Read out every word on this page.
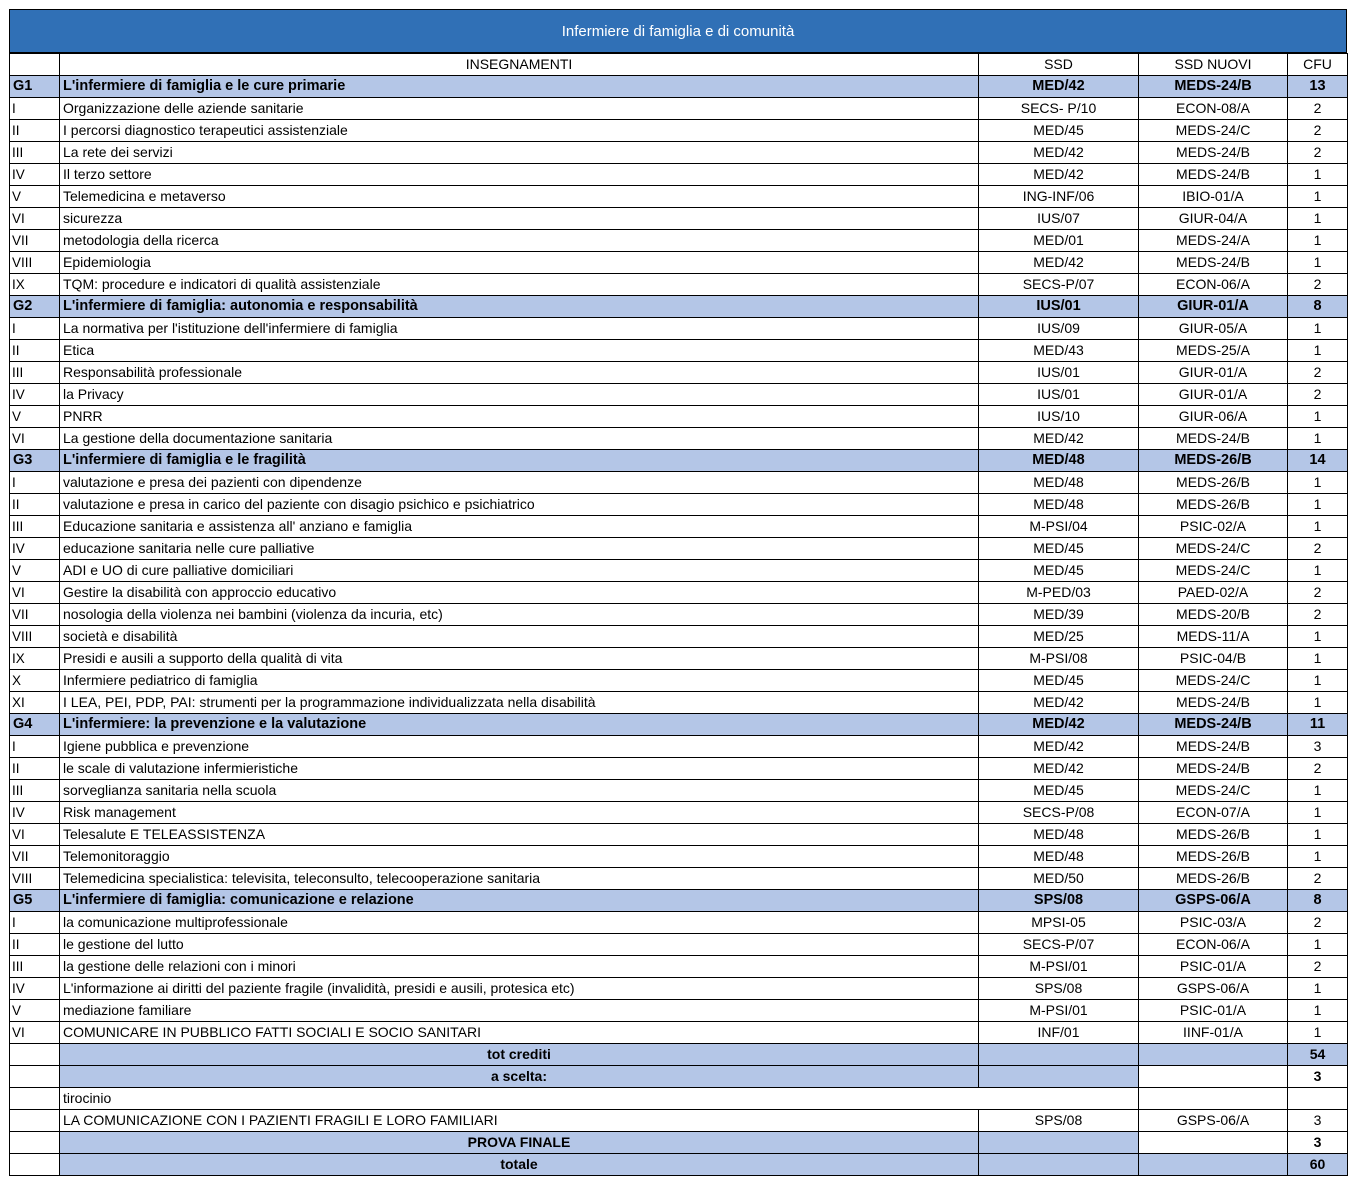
Infermiere di famiglia e di comunità
	INSEGNAMENTI	SSD	SSD NUOVI	CFU
G1	L'infermiere di famiglia e le cure primarie	MED/42	MEDS-24/B	13
I	Organizzazione delle aziende sanitarie	SECS- P/10	ECON-08/A	2
II	I percorsi diagnostico terapeutici assistenziale	MED/45	MEDS-24/C	2
III	La rete dei servizi	MED/42	MEDS-24/B	2
IV	Il terzo settore	MED/42	MEDS-24/B	1
V	Telemedicina e metaverso	ING-INF/06	IBIO-01/A	1
VI	sicurezza	IUS/07	GIUR-04/A	1
VII	metodologia della ricerca	MED/01	MEDS-24/A	1
VIII	Epidemiologia	MED/42	MEDS-24/B	1
IX	TQM: procedure e indicatori di qualità assistenziale	SECS-P/07	ECON-06/A	2
G2	L'infermiere di famiglia: autonomia e responsabilità	IUS/01	GIUR-01/A	8
I	La normativa per l'istituzione dell'infermiere di famiglia	IUS/09	GIUR-05/A	1
II	Etica	MED/43	MEDS-25/A	1
III	Responsabilità professionale	IUS/01	GIUR-01/A	2
IV	la Privacy	IUS/01	GIUR-01/A	2
V	PNRR	IUS/10	GIUR-06/A	1
VI	La gestione della documentazione sanitaria	MED/42	MEDS-24/B	1
G3	L'infermiere di famiglia e le fragilità	MED/48	MEDS-26/B	14
I	valutazione e presa dei pazienti con dipendenze	MED/48	MEDS-26/B	1
II	valutazione e presa in carico del paziente con disagio psichico e psichiatrico	MED/48	MEDS-26/B	1
III	Educazione sanitaria e assistenza all' anziano e famiglia	M-PSI/04	PSIC-02/A	1
IV	educazione sanitaria nelle cure palliative	MED/45	MEDS-24/C	2
V	ADI e UO di cure palliative domiciliari	MED/45	MEDS-24/C	1
VI	Gestire la disabilità con approccio educativo	M-PED/03	PAED-02/A	2
VII	nosologia della violenza nei bambini (violenza da incuria, etc)	MED/39	MEDS-20/B	2
VIII	società e disabilità	MED/25	MEDS-11/A	1
IX	Presidi e ausili a supporto della qualità di vita	M-PSI/08	PSIC-04/B	1
X	Infermiere pediatrico di famiglia	MED/45	MEDS-24/C	1
XI	I LEA, PEI, PDP, PAI: strumenti per la programmazione individualizzata nella disabilità	MED/42	MEDS-24/B	1
G4	L'infermiere: la prevenzione e la valutazione	MED/42	MEDS-24/B	11
I	Igiene pubblica e prevenzione	MED/42	MEDS-24/B	3
II	le scale di valutazione infermieristiche	MED/42	MEDS-24/B	2
III	sorveglianza sanitaria nella scuola	MED/45	MEDS-24/C	1
IV	Risk management	SECS-P/08	ECON-07/A	1
VI	Telesalute E TELEASSISTENZA	MED/48	MEDS-26/B	1
VII	Telemonitoraggio	MED/48	MEDS-26/B	1
VIII	Telemedicina specialistica: televisita, teleconsulto, telecooperazione sanitaria	MED/50	MEDS-26/B	2
G5	L'infermiere di famiglia: comunicazione e relazione	SPS/08	GSPS-06/A	8
I	la comunicazione multiprofessionale	MPSI-05	PSIC-03/A	2
II	le gestione del lutto	SECS-P/07	ECON-06/A	1
III	la gestione delle relazioni con i minori	M-PSI/01	PSIC-01/A	2
IV	L'informazione ai diritti del paziente fragile (invalidità, presidi e ausili, protesica etc)	SPS/08	GSPS-06/A	1
V	mediazione familiare	M-PSI/01	PSIC-01/A	1
VI	COMUNICARE IN PUBBLICO FATTI SOCIALI E SOCIO SANITARI	INF/01	IINF-01/A	1
	tot crediti			54
	a scelta:			3
	tirocinio			
	LA COMUNICAZIONE CON I PAZIENTI FRAGILI E LORO FAMILIARI	SPS/08	GSPS-06/A	3
	PROVA FINALE			3
	totale			60
